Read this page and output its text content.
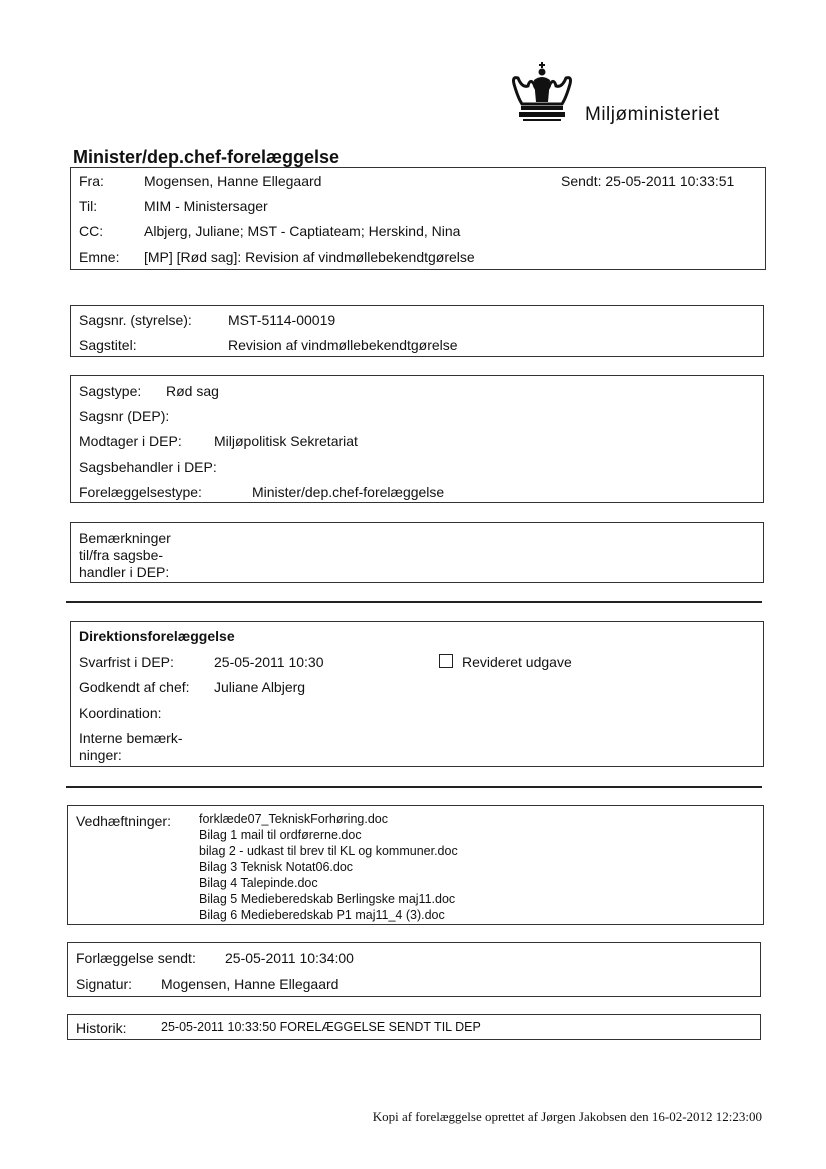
Miljøministeriet
Minister/dep.chef-forelæggelse
Fra:	Mogensen, Hanne Ellegaard	Sendt: 25-05-2011 10:33:51
Til:	MIM - Ministersager
CC:	Albjerg, Juliane; MST - Captiateam; Herskind, Nina
Emne: [MP] [Rød sag]: Revision af vindmøllebekendtgørelse
Sagsnr. (styrelse):	MST-5114-00019
Sagstitel:	Revision af vindmøllebekendtgørelse
Sagstype: Rød sag
Sagsnr (DEP):
Modtager i DEP: Miljøpolitisk Sekretariat
Sagsbehandler i DEP:
Forelæggelsestype:	Minister/dep.chef-forelæggelse
Bemærkninger
til/fra sagsbe-
handler i DEP:
Direktionsforelæggelse
Svarfrist i DEP:	25-05-2011 10:30	Revideret udgave
Godkendt af chef: Juliane Albjerg
Koordination:
Interne bemærk-
ninger:
Vedhæftninger: forklæde07_TekniskForhøring.doc
Bilag 1 mail til ordførerne.doc
bilag 2 - udkast til brev til KL og kommuner.doc
Bilag 3 Teknisk Notat06.doc
Bilag 4 Talepinde.doc
Bilag 5 Medieberedskab Berlingske maj11.doc
Bilag 6 Medieberedskab P1 maj11_4 (3).doc
Forlæggelse sendt: 25-05-2011 10:34:00
Signatur: Mogensen, Hanne Ellegaard
Historik:	25-05-2011 10:33:50 FORELÆGGELSE SENDT TIL DEP
Kopi af forelæggelse oprettet af Jørgen Jakobsen den 16-02-2012 12:23:00
